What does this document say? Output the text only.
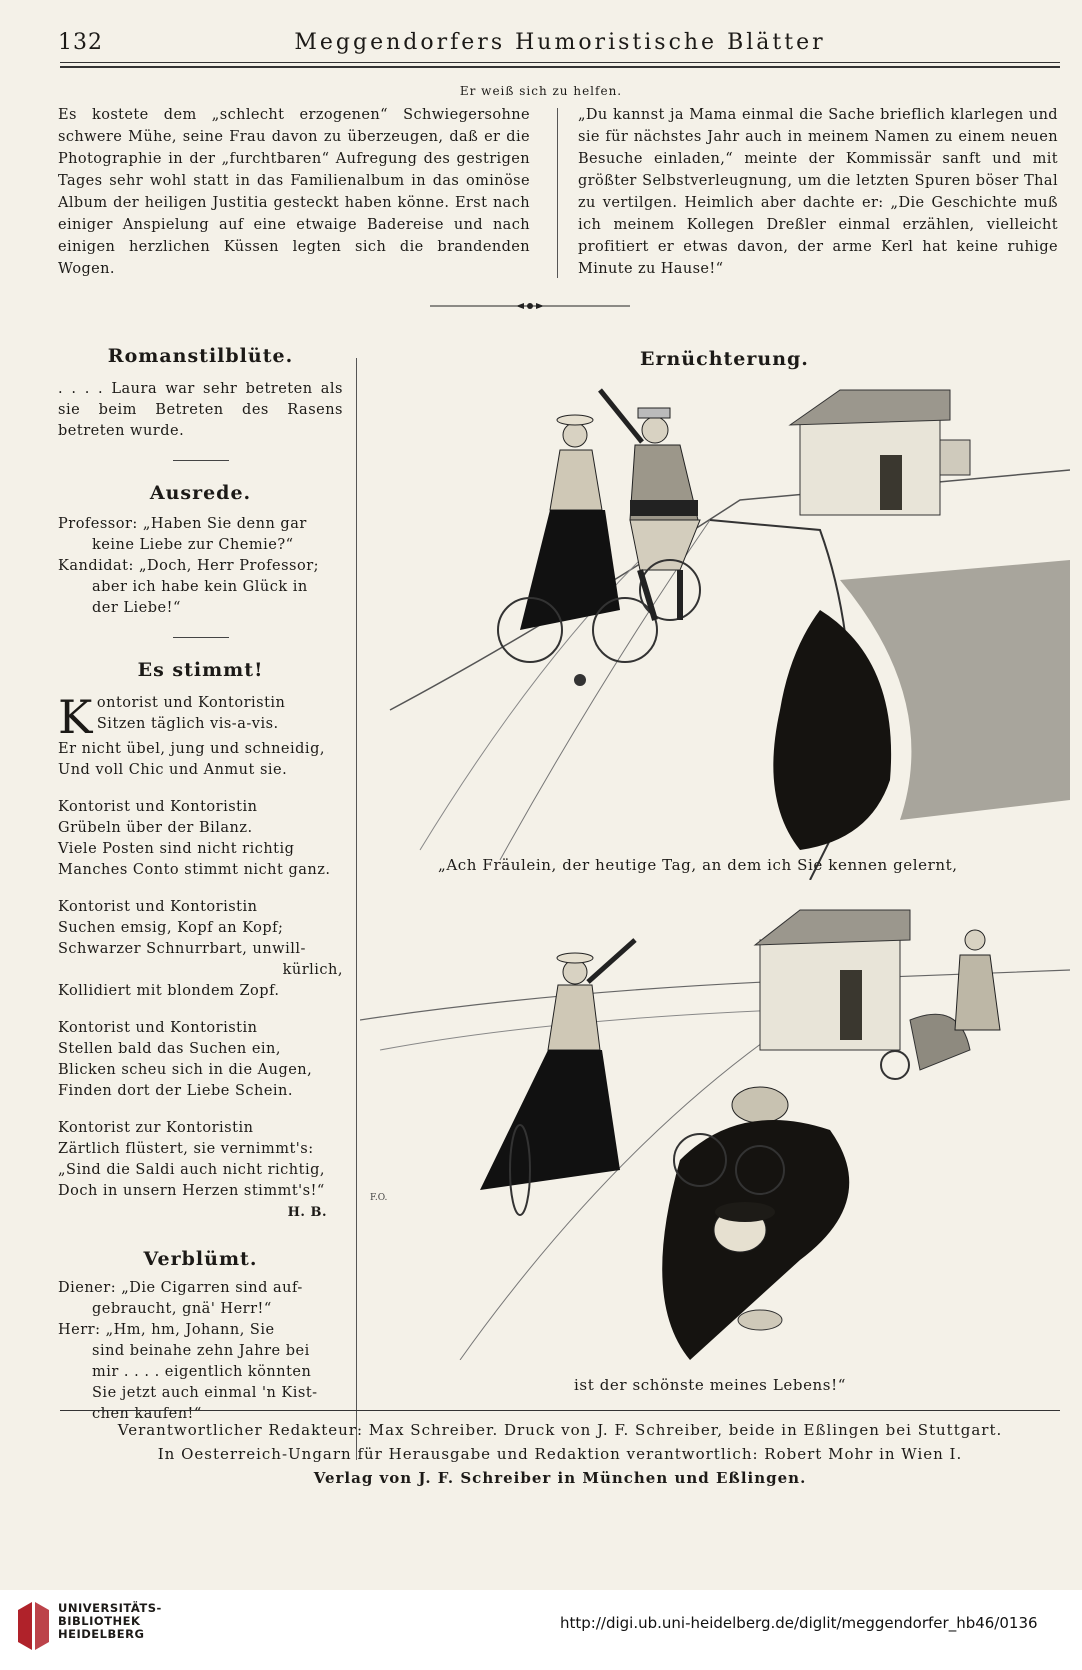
132	Meggendorfers Humoristische Blätter
Er weiß sich zu helfen.
Es kostete dem „schlecht erzogenen“ Schwiegersohne schwere Mühe, seine Frau davon zu überzeugen, daß er die Photographie in der „furchtbaren“ Aufregung des gestrigen Tages sehr wohl statt in das Familienalbum in das ominöse Album der heiligen Justitia gesteckt haben könne. Erst nach einiger Anspielung auf eine etwaige Badereise und nach einigen herzlichen Küssen legten sich die brandenden Wogen.
„Du kannst ja Mama einmal die Sache brieflich klarlegen und sie für nächstes Jahr auch in meinem Namen zu einem neuen Besuche einladen,“ meinte der Kommissär sanft und mit größter Selbstverleugnung, um die letzten Spuren böser Thal zu vertilgen. Heimlich aber dachte er: „Die Geschichte muß ich meinem Kollegen Dreßler einmal erzählen, vielleicht profitiert er etwas davon, der arme Kerl hat keine ruhige Minute zu Hause!“
Romanstilblüte.
. . . . Laura war sehr betreten als sie beim Betreten des Rasens betreten wurde.
Ausrede.
Professor: „Haben Sie denn gar
keine Liebe zur Chemie?“
Kandidat: „Doch, Herr Professor;
aber ich habe kein Glück in
der Liebe!“
Es stimmt!
K ontorist und Kontoristin
Sitzen täglich vis-a-vis.
Er nicht übel, jung und schneidig,
Und voll Chic und Anmut sie.
Kontorist und Kontoristin
Grübeln über der Bilanz.
Viele Posten sind nicht richtig
Manches Conto stimmt nicht ganz.
Kontorist und Kontoristin
Suchen emsig, Kopf an Kopf;
Schwarzer Schnurrbart, unwill-
kürlich,
Kollidiert mit blondem Zopf.
Kontorist und Kontoristin
Stellen bald das Suchen ein,
Blicken scheu sich in die Augen,
Finden dort der Liebe Schein.
Kontorist zur Kontoristin
Zärtlich flüstert, sie vernimmt's:
„Sind die Saldi auch nicht richtig,
Doch in unsern Herzen stimmt's!“
H. B.
Verblümt.
Diener: „Die Cigarren sind auf-
gebraucht, gnä' Herr!“
Herr: „Hm, hm, Johann, Sie
sind beinahe zehn Jahre bei
mir . . . . eigentlich könnten
Sie jetzt auch einmal 'n Kist-
chen kaufen!“
Ernüchterung.
„Ach Fräulein, der heutige Tag, an dem ich Sie kennen gelernt,
F.O.
ist der schönste meines Lebens!“
Verantwortlicher Redakteur: Max Schreiber. Druck von J. F. Schreiber, beide in Eßlingen bei Stuttgart.
In Oesterreich-Ungarn für Herausgabe und Redaktion verantwortlich: Robert Mohr in Wien I.
Verlag von J. F. Schreiber in München und Eßlingen.
UNIVERSITÄTS-
BIBLIOTHEK
HEIDELBERG
http://digi.ub.uni-heidelberg.de/diglit/meggendorfer_hb46/0136
